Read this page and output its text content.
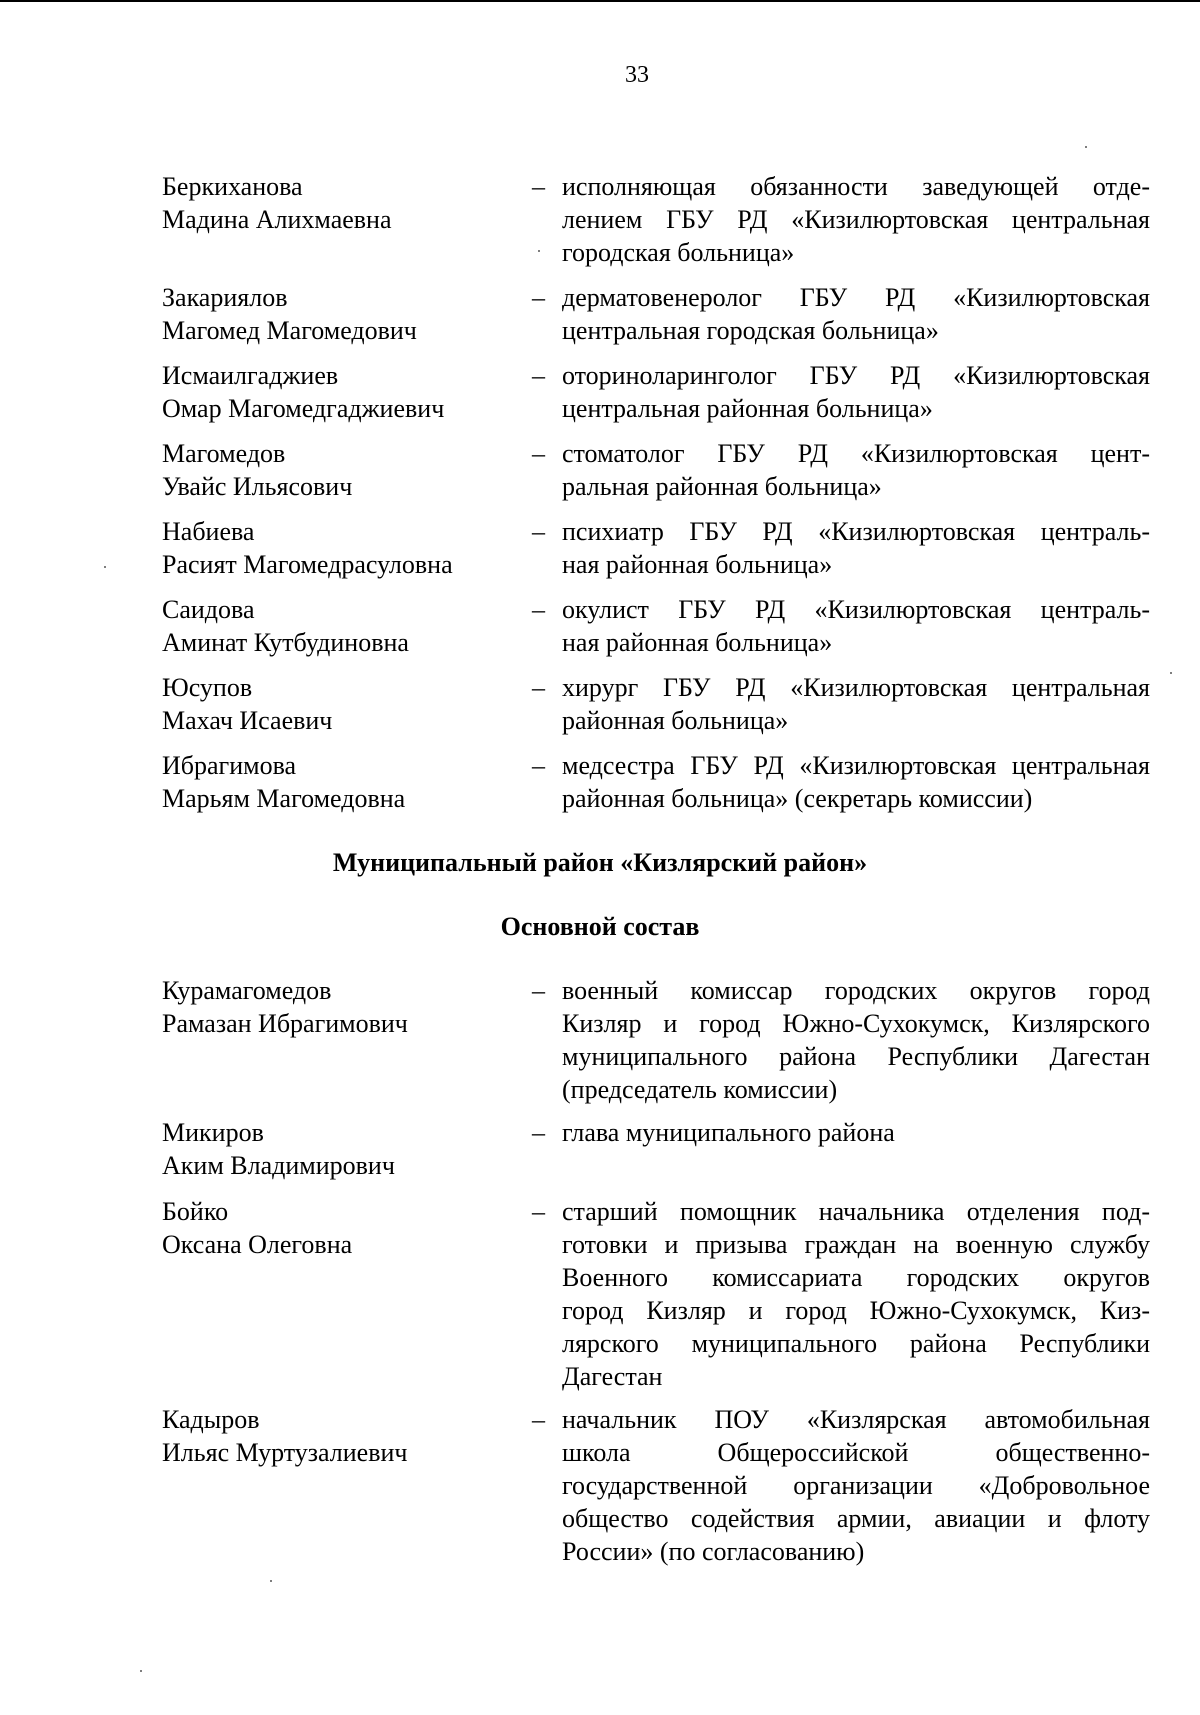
33
Беркиханова
Мадина Алихмаевна
– исполняющая обязанности заведующей отде-
лением ГБУ РД «Кизилюртовская центральная
городская больница»
Закариялов
Магомед Магомедович
– дерматовенеролог ГБУ РД «Кизилюртовская
центральная городская больница»
Исмаилгаджиев
Омар Магомедгаджиевич
– оториноларинголог ГБУ РД «Кизилюртовская
центральная районная больница»
Магомедов
Увайс Ильясович
– стоматолог ГБУ РД «Кизилюртовская цент-
ральная районная больница»
Набиева
Расият Магомедрасуловна
– психиатр ГБУ РД «Кизилюртовская централь-
ная районная больница»
Саидова
Аминат Кутбудиновна
– окулист ГБУ РД «Кизилюртовская централь-
ная районная больница»
Юсупов
Махач Исаевич
– хирург ГБУ РД «Кизилюртовская центральная
районная больница»
Ибрагимова
Марьям Магомедовна
– медсестра ГБУ РД «Кизилюртовская центральная
районная больница» (секретарь комиссии)
Муниципальный район «Кизлярский район»
Основной состав
Курамагомедов
Рамазан Ибрагимович
– военный комиссар городских округов город
Кизляр и город Южно-Сухокумск, Кизлярского
муниципального района Республики Дагестан
(председатель комиссии)
Микиров
Аким Владимирович
– глава муниципального района
Бойко
Оксана Олеговна
– старший помощник начальника отделения под-
готовки и призыва граждан на военную службу
Военного комиссариата городских округов
город Кизляр и город Южно-Сухокумск, Киз-
лярского муниципального района Республики
Дагестан
Кадыров
Ильяс Муртузалиевич
– начальник ПОУ «Кизлярская автомобильная
школа Общероссийской общественно-
государственной организации «Добровольное
общество содействия армии, авиации и флоту
России» (по согласованию)
